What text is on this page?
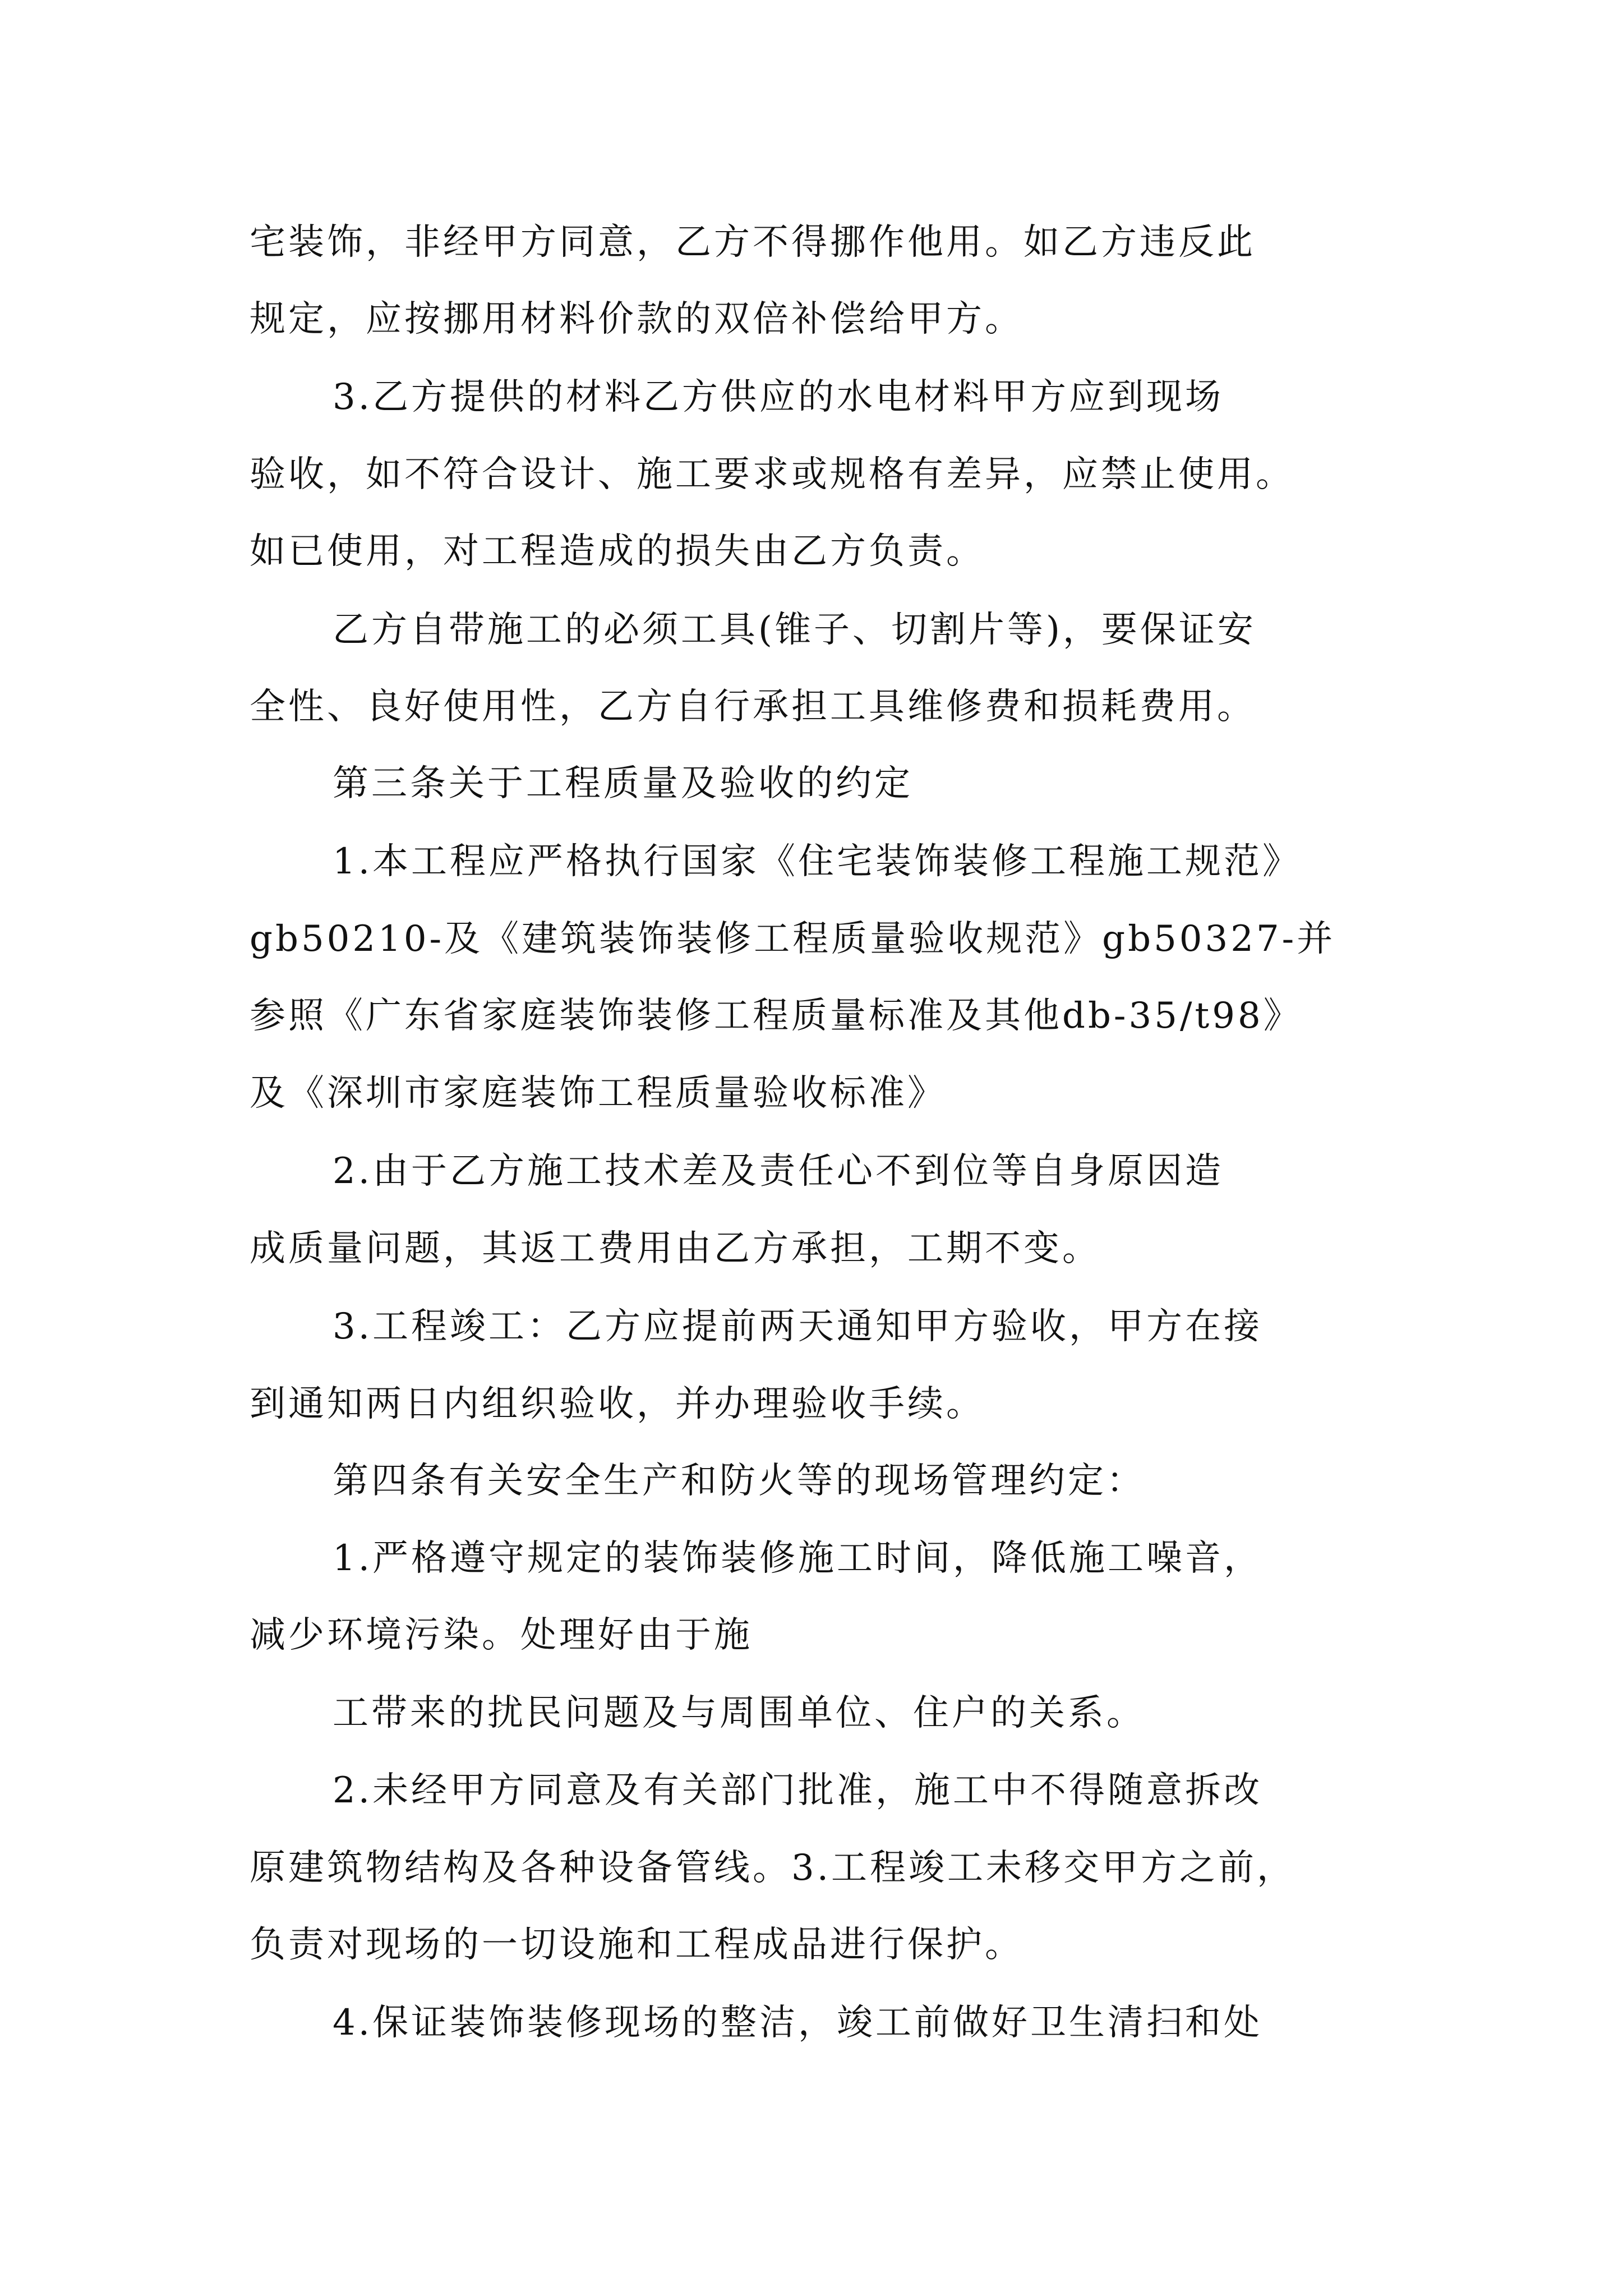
宅装饰，非经甲方同意，乙方不得挪作他用。如乙方违反此
规定，应按挪用材料价款的双倍补偿给甲方。
3.乙方提供的材料乙方供应的水电材料甲方应到现场
验收，如不符合设计、施工要求或规格有差异，应禁止使用。
如已使用，对工程造成的损失由乙方负责。
乙方自带施工的必须工具(锥子、切割片等)，要保证安
全性、良好使用性，乙方自行承担工具维修费和损耗费用。
第三条关于工程质量及验收的约定
1.本工程应严格执行国家《住宅装饰装修工程施工规范》
gb50210-及《建筑装饰装修工程质量验收规范》gb50327-并
参照《广东省家庭装饰装修工程质量标准及其他db-35/t98》
及《深圳市家庭装饰工程质量验收标准》
2.由于乙方施工技术差及责任心不到位等自身原因造
成质量问题，其返工费用由乙方承担，工期不变。
3.工程竣工：乙方应提前两天通知甲方验收，甲方在接
到通知两日内组织验收，并办理验收手续。
第四条有关安全生产和防火等的现场管理约定：
1.严格遵守规定的装饰装修施工时间，降低施工噪音，
减少环境污染。处理好由于施
工带来的扰民问题及与周围单位、住户的关系。
2.未经甲方同意及有关部门批准，施工中不得随意拆改
原建筑物结构及各种设备管线。3.工程竣工未移交甲方之前，
负责对现场的一切设施和工程成品进行保护。
4.保证装饰装修现场的整洁，竣工前做好卫生清扫和处
